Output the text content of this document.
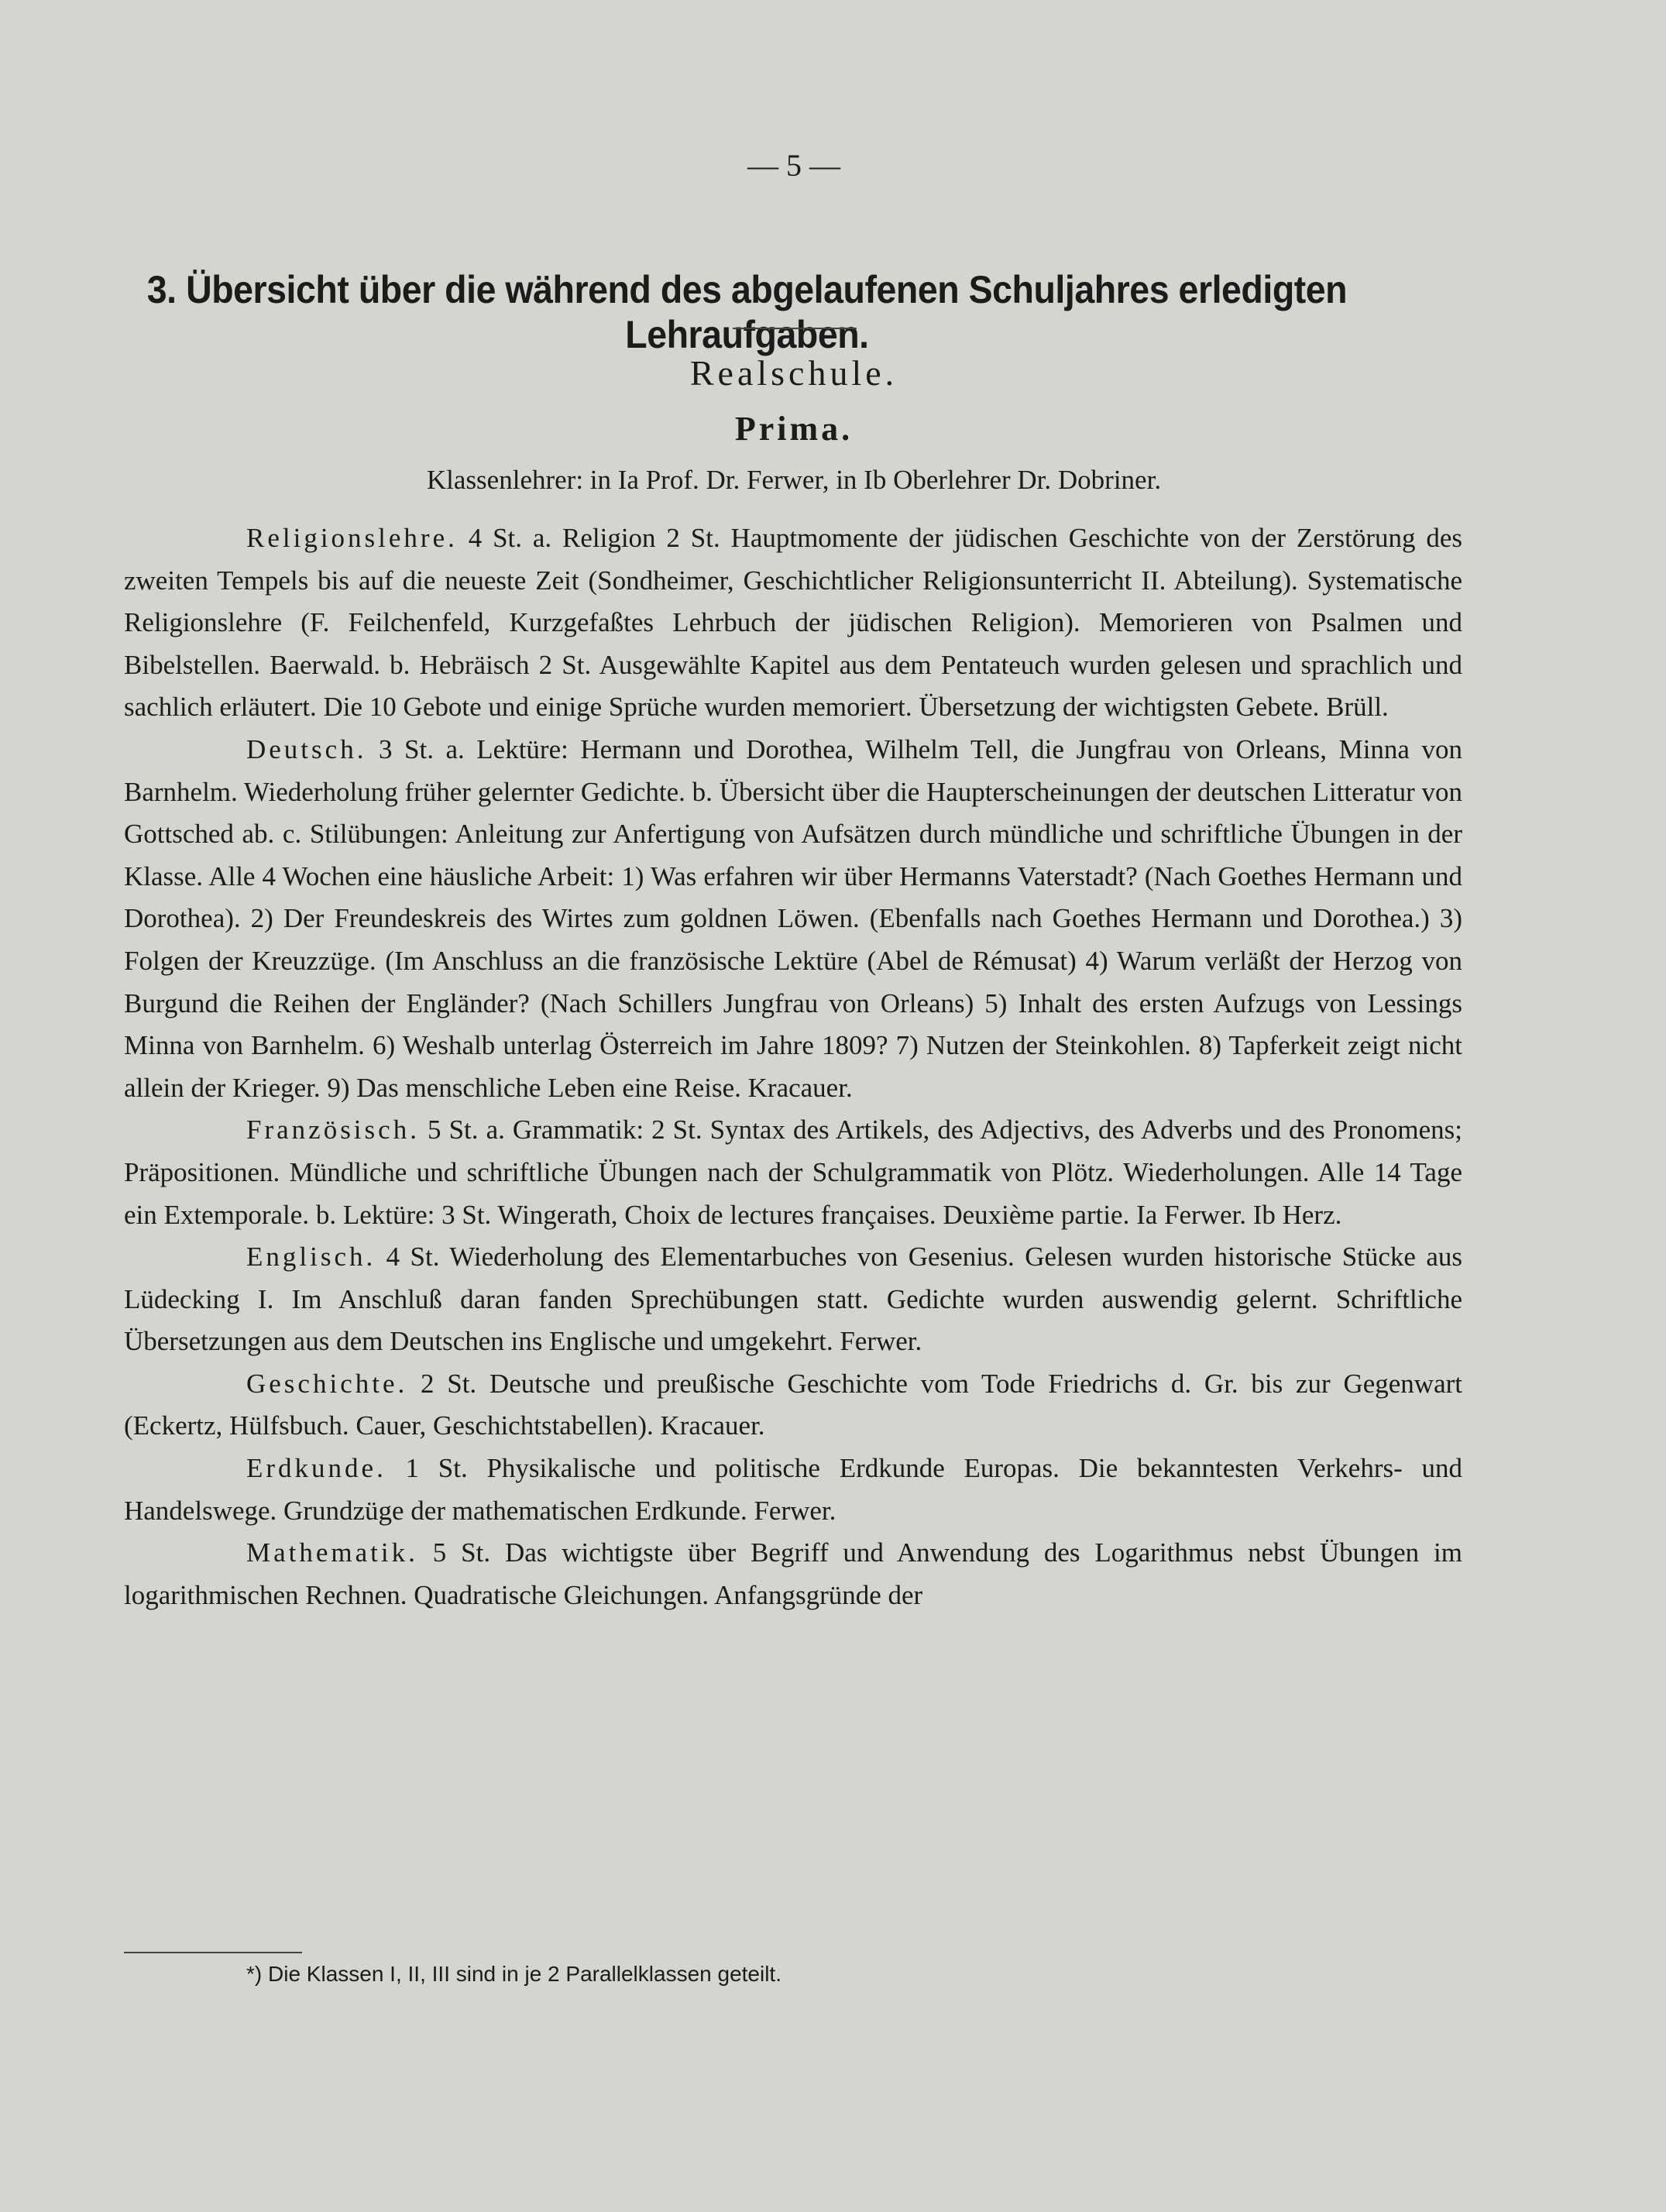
— 5 —
3. Übersicht über die während des abgelaufenen Schuljahres erledigten Lehraufgaben.
Realschule.
Prima.
Klassenlehrer: in Ia Prof. Dr. Ferwer, in Ib Oberlehrer Dr. Dobriner.

Religionslehre. 4 St. a. Religion 2 St. Hauptmomente der jüdischen Geschichte von der Zerstörung des zweiten Tempels bis auf die neueste Zeit (Sondheimer, Geschichtlicher Religionsunterricht II. Abteilung). Systematische Religionslehre (F. Feilchenfeld, Kurzgefaßtes Lehrbuch der jüdischen Religion). Memorieren von Psalmen und Bibelstellen. Baerwald. b. Hebräisch 2 St. Ausgewählte Kapitel aus dem Pentateuch wurden gelesen und sprachlich und sachlich erläutert. Die 10 Gebote und einige Sprüche wurden memoriert. Übersetzung der wichtigsten Gebete. Brüll.

Deutsch. 3 St. a. Lektüre: Hermann und Dorothea, Wilhelm Tell, die Jungfrau von Orleans, Minna von Barnhelm. Wiederholung früher gelernter Gedichte. b. Übersicht über die Haupterscheinungen der deutschen Litteratur von Gottsched ab. c. Stilübungen: Anleitung zur Anfertigung von Aufsätzen durch mündliche und schriftliche Übungen in der Klasse. Alle 4 Wochen eine häusliche Arbeit: 1) Was erfahren wir über Hermanns Vaterstadt? (Nach Goethes Hermann und Dorothea). 2) Der Freundeskreis des Wirtes zum goldnen Löwen. (Ebenfalls nach Goethes Hermann und Dorothea.) 3) Folgen der Kreuzzüge. (Im Anschluss an die französische Lektüre (Abel de Rémusat) 4) Warum verläßt der Herzog von Burgund die Reihen der Engländer? (Nach Schillers Jungfrau von Orleans) 5) Inhalt des ersten Aufzugs von Lessings Minna von Barnhelm. 6) Weshalb unterlag Österreich im Jahre 1809? 7) Nutzen der Steinkohlen. 8) Tapferkeit zeigt nicht allein der Krieger. 9) Das menschliche Leben eine Reise. Kracauer.

Französisch. 5 St. a. Grammatik: 2 St. Syntax des Artikels, des Adjectivs, des Adverbs und des Pronomens; Präpositionen. Mündliche und schriftliche Übungen nach der Schulgrammatik von Plötz. Wiederholungen. Alle 14 Tage ein Extemporale. b. Lektüre: 3 St. Wingerath, Choix de lectures françaises. Deuxième partie. Ia Ferwer. Ib Herz.

Englisch. 4 St. Wiederholung des Elementarbuches von Gesenius. Gelesen wurden historische Stücke aus Lüdecking I. Im Anschluß daran fanden Sprechübungen statt. Gedichte wurden auswendig gelernt. Schriftliche Übersetzungen aus dem Deutschen ins Englische und umgekehrt. Ferwer.

Geschichte. 2 St. Deutsche und preußische Geschichte vom Tode Friedrichs d. Gr. bis zur Gegenwart (Eckertz, Hülfsbuch. Cauer, Geschichtstabellen). Kracauer.

Erdkunde. 1 St. Physikalische und politische Erdkunde Europas. Die bekanntesten Verkehrs- und Handelswege. Grundzüge der mathematischen Erdkunde. Ferwer.

Mathematik. 5 St. Das wichtigste über Begriff und Anwendung des Logarithmus nebst Übungen im logarithmischen Rechnen. Quadratische Gleichungen. Anfangsgründe der

*) Die Klassen I, II, III sind in je 2 Parallelklassen geteilt.
